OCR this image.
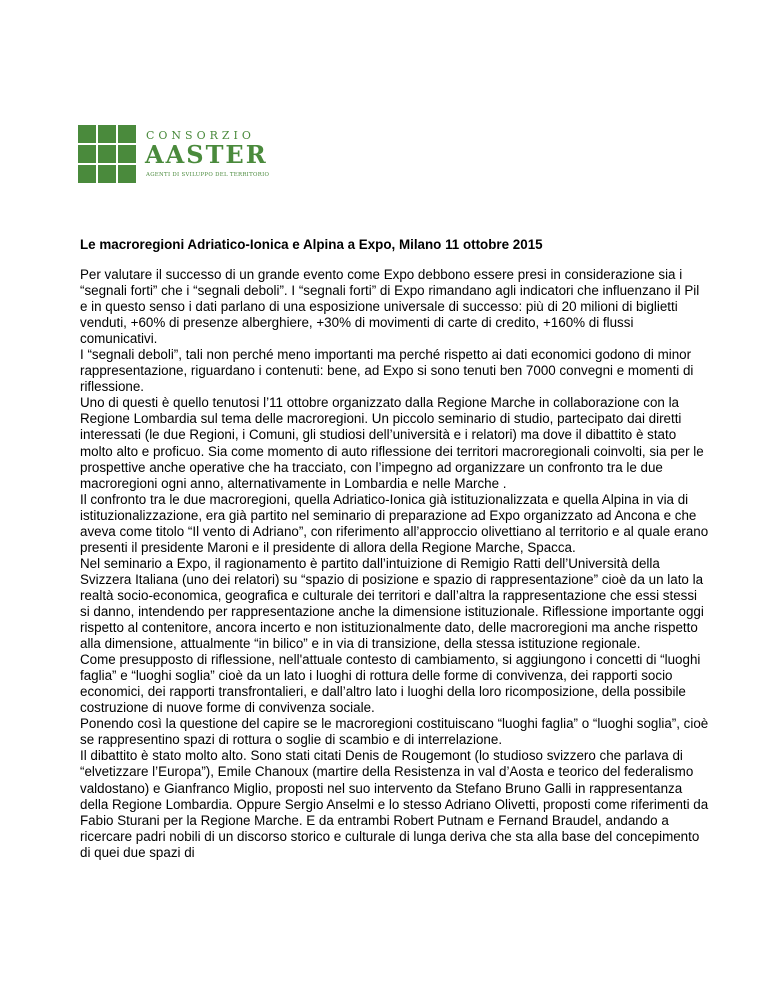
CONSORZIO
AASTER
AGENTI DI SVILUPPO DEL TERRITORIO
Le macroregioni Adriatico-Ionica e Alpina a Expo, Milano 11 ottobre 2015

Per valutare il successo di un grande evento come Expo debbono essere presi in considerazione sia i “segnali forti” che i “segnali deboli”. I “segnali forti” di Expo rimandano agli indicatori che influenzano il Pil e in questo senso i dati parlano di una esposizione universale di successo: più di 20 milioni di biglietti venduti, +60% di presenze alberghiere, +30% di movimenti di carte di credito, +160% di flussi comunicativi.

I “segnali deboli”, tali non perché meno importanti ma perché rispetto ai dati economici godono di minor rappresentazione, riguardano i contenuti: bene, ad Expo si sono tenuti ben 7000 convegni e momenti di riflessione.

Uno di questi è quello tenutosi l’11 ottobre organizzato dalla Regione Marche in collaborazione con la Regione Lombardia sul tema delle macroregioni. Un piccolo seminario di studio, partecipato dai diretti interessati (le due Regioni, i Comuni, gli studiosi dell’università e i relatori) ma dove il dibattito è stato molto alto e proficuo. Sia come momento di auto riflessione dei territori macroregionali coinvolti, sia per le prospettive anche operative che ha tracciato, con l’impegno ad organizzare un confronto tra le due macroregioni ogni anno, alternativamente in Lombardia e nelle Marche .

Il confronto tra le due macroregioni, quella Adriatico-Ionica già istituzionalizzata e quella Alpina in via di istituzionalizzazione, era già partito nel seminario di preparazione ad Expo organizzato ad Ancona e che aveva come titolo “Il vento di Adriano”, con riferimento all’approccio olivettiano al territorio e al quale erano presenti il presidente Maroni e il presidente di allora della Regione Marche, Spacca.

Nel seminario a Expo, il ragionamento è partito dall’intuizione di Remigio Ratti dell’Università della Svizzera Italiana (uno dei relatori) su “spazio di posizione e spazio di rappresentazione” cioè da un lato la realtà socio-economica, geografica e culturale dei territori e dall’altra la rappresentazione che essi stessi si danno, intendendo per rappresentazione anche la dimensione istituzionale. Riflessione importante oggi rispetto al contenitore, ancora incerto e non istituzionalmente dato, delle macroregioni ma anche rispetto alla dimensione, attualmente “in bilico” e in via di transizione, della stessa istituzione regionale.

Come presupposto di riflessione, nell'attuale contesto di cambiamento, si aggiungono i concetti di “luoghi faglia” e “luoghi soglia” cioè da un lato i luoghi di rottura delle forme di convivenza, dei rapporti socio economici, dei rapporti transfrontalieri, e dall’altro lato i luoghi della loro ricomposizione, della possibile costruzione di nuove forme di convivenza sociale.

Ponendo così la questione del capire se le macroregioni costituiscano “luoghi faglia” o “luoghi soglia”, cioè se rappresentino spazi di rottura o soglie di scambio e di interrelazione.

Il dibattito è stato molto alto. Sono stati citati Denis de Rougemont (lo studioso svizzero che parlava di “elvetizzare l’Europa”), Emile Chanoux (martire della Resistenza in val d’Aosta e teorico del federalismo valdostano) e Gianfranco Miglio, proposti nel suo intervento da Stefano Bruno Galli in rappresentanza della Regione Lombardia. Oppure Sergio Anselmi e lo stesso Adriano Olivetti, proposti come riferimenti da Fabio Sturani per la Regione Marche. E da entrambi Robert Putnam e Fernand Braudel, andando a ricercare padri nobili di un discorso storico e culturale di lunga deriva che sta alla base del concepimento di quei due spazi di
